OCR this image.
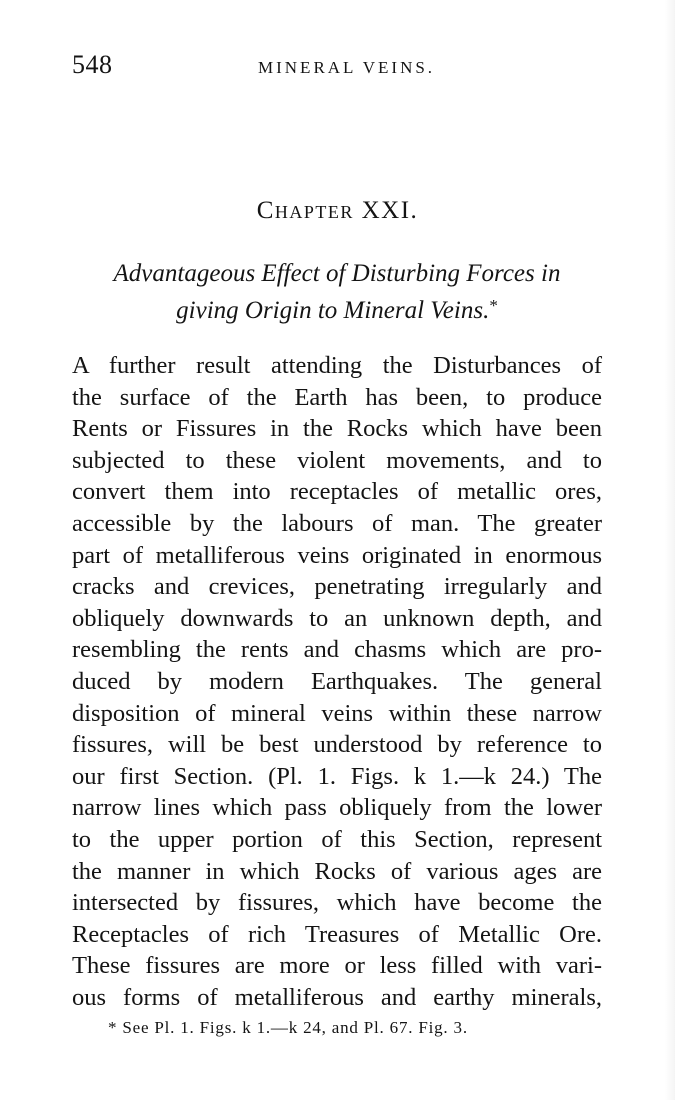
548	MINERAL VEINS.
Chapter XXI.
Advantageous Effect of Disturbing Forces in
giving Origin to Mineral Veins.*
A further result attending the Disturbances of
the surface of the Earth has been, to produce
Rents or Fissures in the Rocks which have been
subjected to these violent movements, and to
convert them into receptacles of metallic ores,
accessible by the labours of man. The greater
part of metalliferous veins originated in enormous
cracks and crevices, penetrating irregularly and
obliquely downwards to an unknown depth, and
resembling the rents and chasms which are pro-
duced by modern Earthquakes. The general
disposition of mineral veins within these narrow
fissures, will be best understood by reference to
our first Section. (Pl. 1. Figs. k 1.—k 24.) The
narrow lines which pass obliquely from the lower
to the upper portion of this Section, represent
the manner in which Rocks of various ages are
intersected by fissures, which have become the
Receptacles of rich Treasures of Metallic Ore.
These fissures are more or less filled with vari-
ous forms of metalliferous and earthy minerals,
* See Pl. 1. Figs. k 1.—k 24, and Pl. 67. Fig. 3.
